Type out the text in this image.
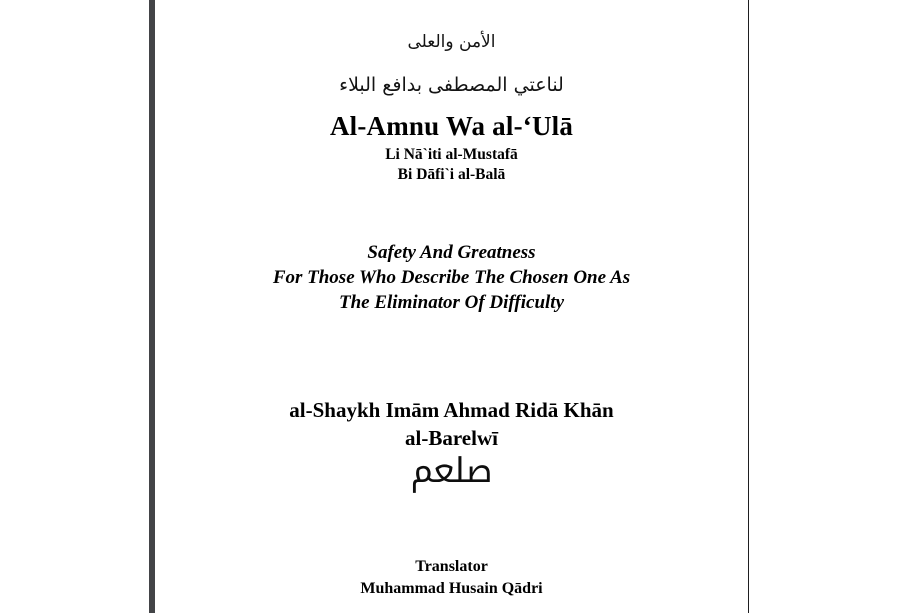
الأمن والعلى
لناعتي المصطفى بدافع البلاء
Al-Amnu Wa al-‘Ulā
Li Nā`iti al-Mustafā
Bi Dāfi`i al-Balā
Safety And Greatness
For Those Who Describe The Chosen One As
The Eliminator Of Difficulty
al-Shaykh Imām Ahmad Ridā Khān
al-Barelwī
ﷵ
Translator
Muhammad Husain Qādri
